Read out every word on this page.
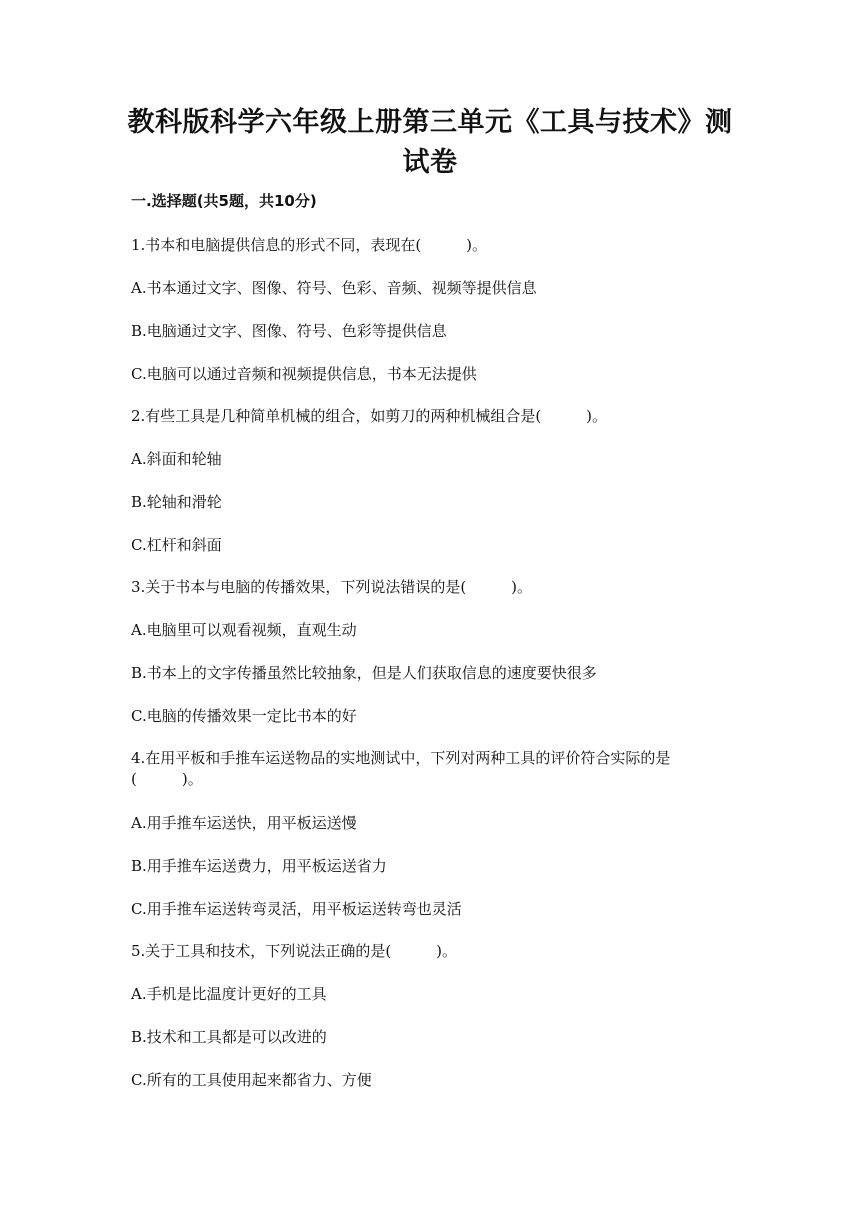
教科版科学六年级上册第三单元《工具与技术》测试卷
一.选择题(共5题，共10分)
1.书本和电脑提供信息的形式不同，表现在(　　　)。
A.书本通过文字、图像、符号、色彩、音频、视频等提供信息
B.电脑通过文字、图像、符号、色彩等提供信息
C.电脑可以通过音频和视频提供信息，书本无法提供
2.有些工具是几种简单机械的组合，如剪刀的两种机械组合是(　　　)。
A.斜面和轮轴
B.轮轴和滑轮
C.杠杆和斜面
3.关于书本与电脑的传播效果，下列说法错误的是(　　　)。
A.电脑里可以观看视频，直观生动
B.书本上的文字传播虽然比较抽象，但是人们获取信息的速度要快很多
C.电脑的传播效果一定比书本的好
4.在用平板和手推车运送物品的实地测试中，下列对两种工具的评价符合实际的是(　　　)。
A.用手推车运送快，用平板运送慢
B.用手推车运送费力，用平板运送省力
C.用手推车运送转弯灵活，用平板运送转弯也灵活
5.关于工具和技术，下列说法正确的是(　　　)。
A.手机是比温度计更好的工具
B.技术和工具都是可以改进的
C.所有的工具使用起来都省力、方便
